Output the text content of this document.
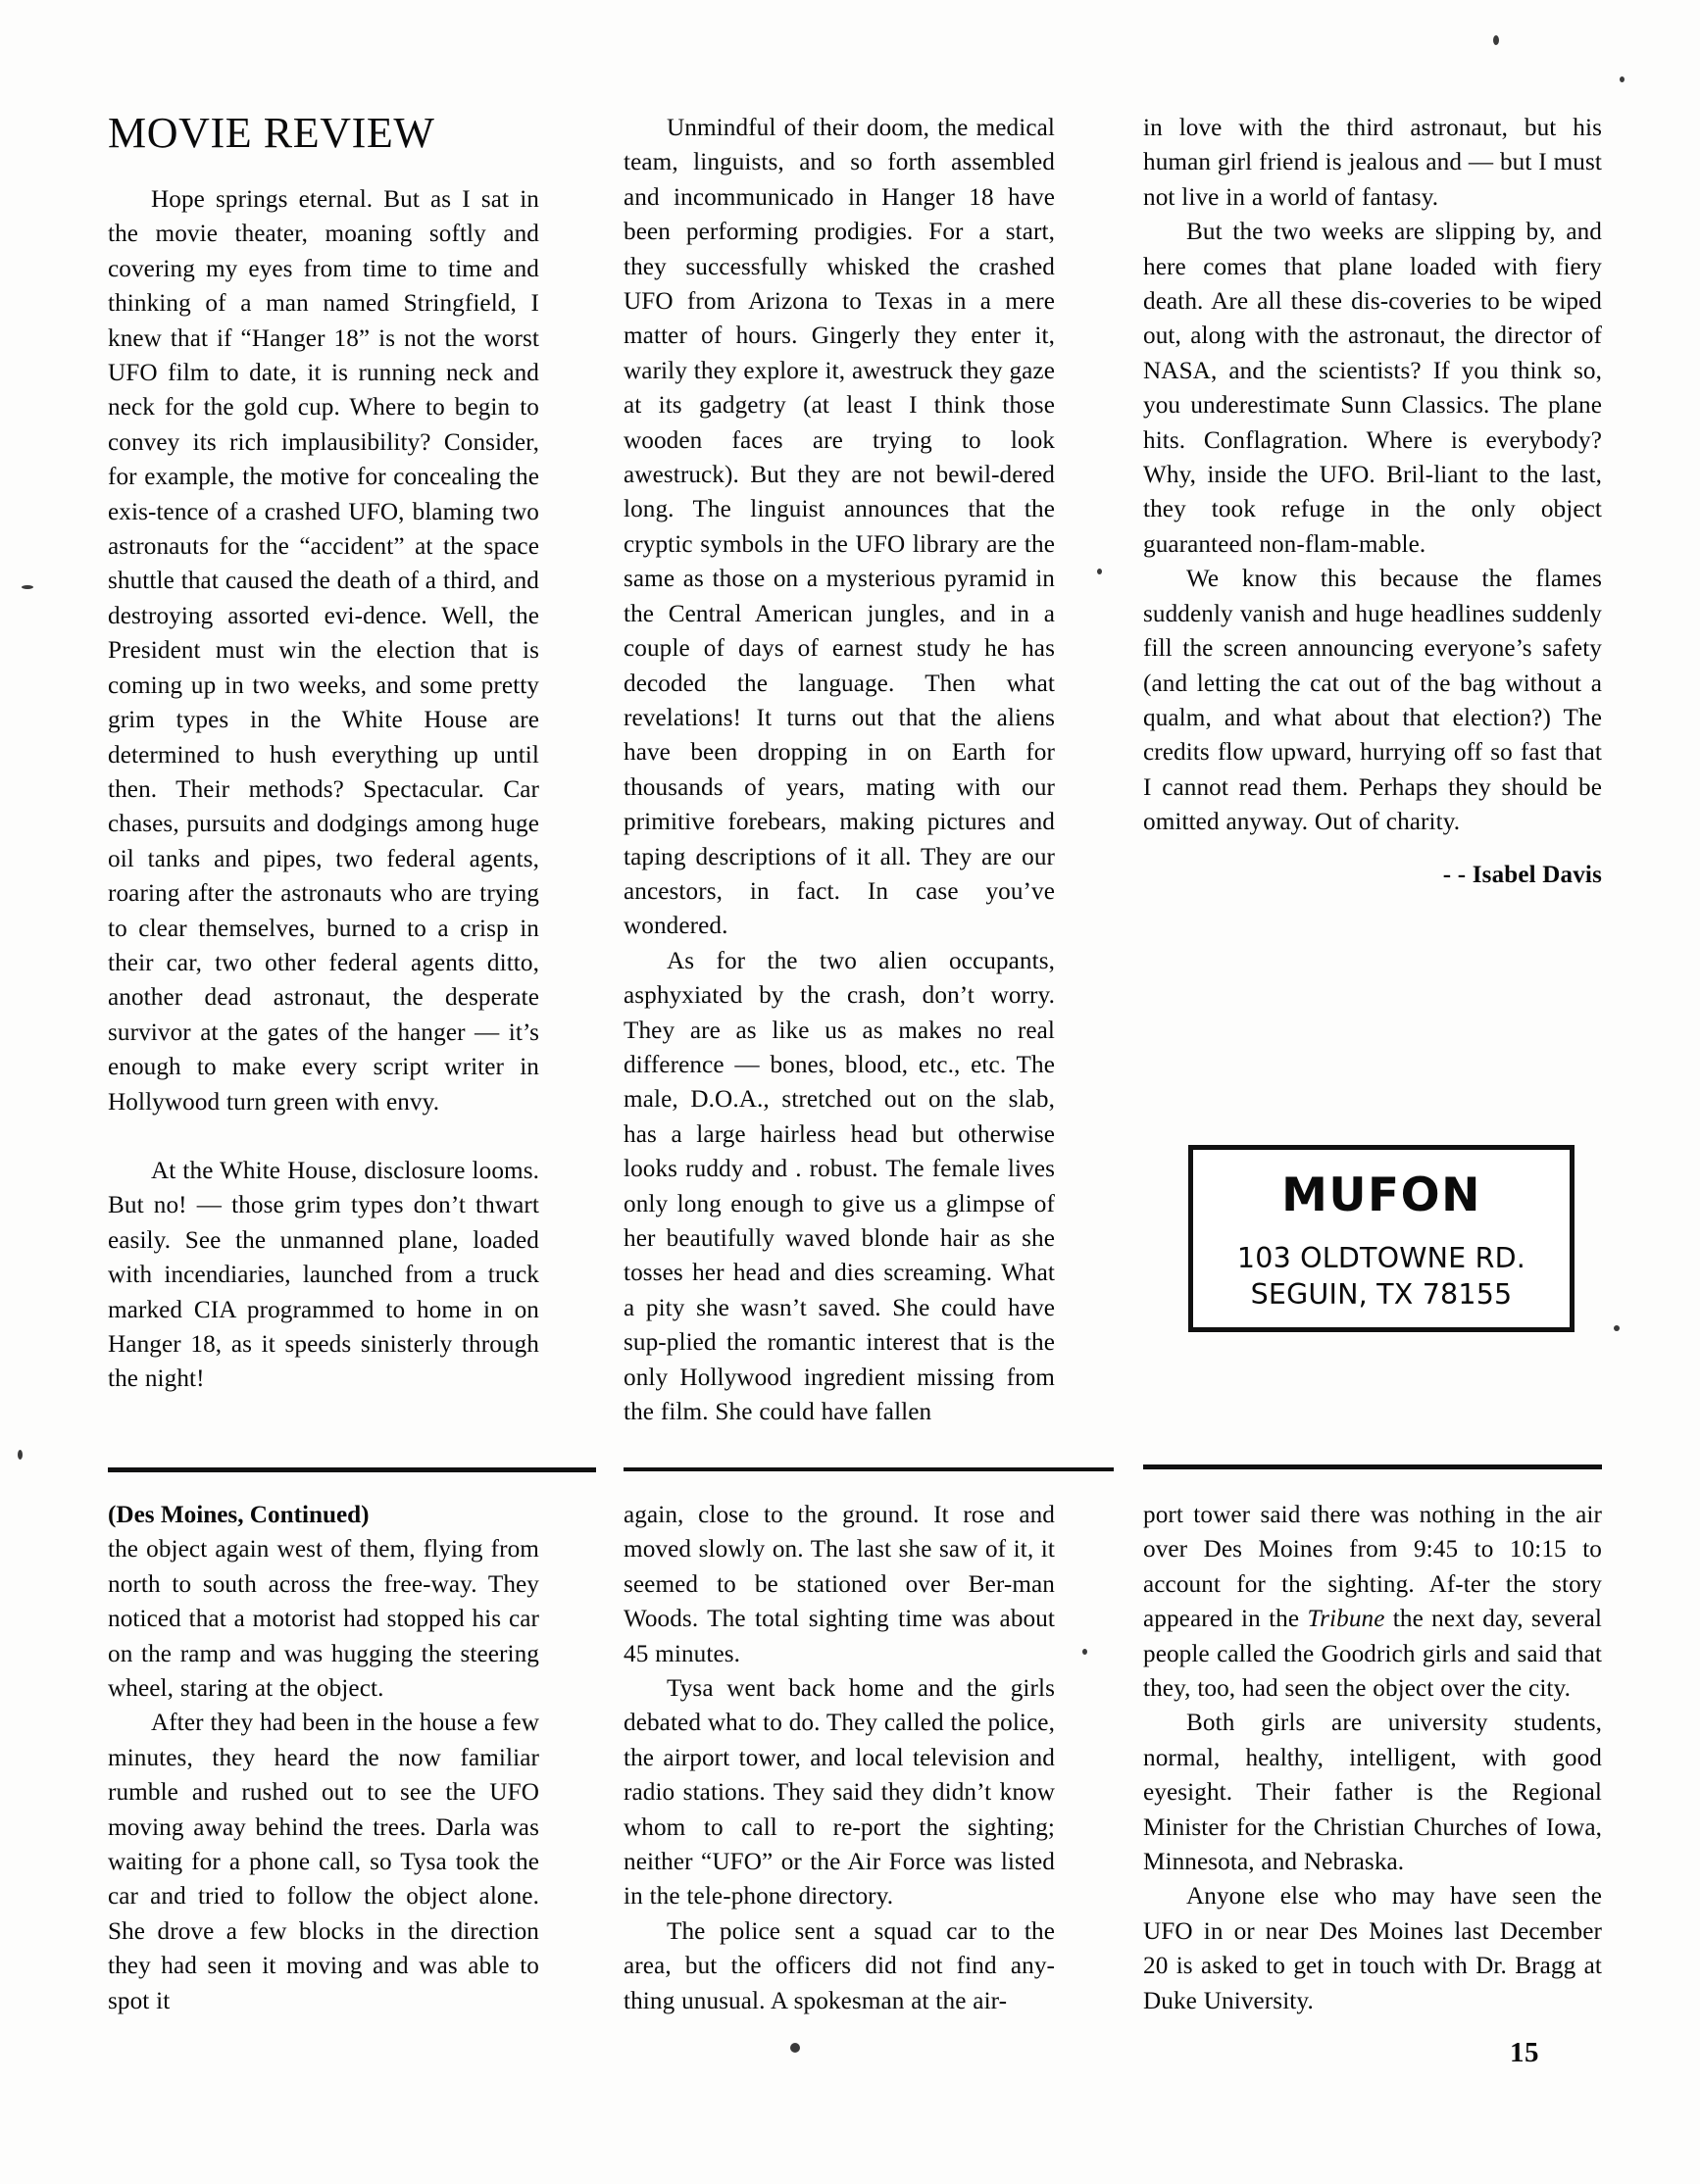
MOVIE REVIEW

Hope springs eternal. But as I sat in the movie theater, moaning softly and covering my eyes from time to time and thinking of a man named Stringfield, I knew that if “Hanger 18” is not the worst UFO film to date, it is running neck and neck for the gold cup. Where to begin to convey its rich implausibility? Consider, for example, the motive for concealing the exis-tence of a crashed UFO, blaming two astronauts for the “accident” at the space shuttle that caused the death of a third, and destroying assorted evi-dence. Well, the President must win the election that is coming up in two weeks, and some pretty grim types in the White House are determined to hush everything up until then. Their methods? Spectacular. Car chases, pursuits and dodgings among huge oil tanks and pipes, two federal agents, roaring after the astronauts who are trying to clear themselves, burned to a crisp in their car, two other federal agents ditto, another dead astronaut, the desperate survivor at the gates of the hanger — it’s enough to make every script writer in Hollywood turn green with envy.

At the White House, disclosure looms. But no! — those grim types don’t thwart easily. See the unmanned plane, loaded with incendiaries, launched from a truck marked CIA programmed to home in on Hanger 18, as it speeds sinisterly through the night!

Unmindful of their doom, the medical team, linguists, and so forth assembled and incommunicado in Hanger 18 have been performing prodigies. For a start, they successfully whisked the crashed UFO from Arizona to Texas in a mere matter of hours. Gingerly they enter it, warily they explore it, awestruck they gaze at its gadgetry (at least I think those wooden faces are trying to look awestruck). But they are not bewil-dered long. The linguist announces that the cryptic symbols in the UFO library are the same as those on a mysterious pyramid in the Central American jungles, and in a couple of days of earnest study he has decoded the language. Then what revelations! It turns out that the aliens have been dropping in on Earth for thousands of years, mating with our primitive forebears, making pictures and taping descriptions of it all. They are our ancestors, in fact. In case you’ve wondered.

As for the two alien occupants, asphyxiated by the crash, don’t worry. They are as like us as makes no real difference — bones, blood, etc., etc. The male, D.O.A., stretched out on the slab, has a large hairless head but otherwise looks ruddy and . robust. The female lives only long enough to give us a glimpse of her beautifully waved blonde hair as she tosses her head and dies screaming. What a pity she wasn’t saved. She could have sup-plied the romantic interest that is the only Hollywood ingredient missing from the film. She could have fallen

in love with the third astronaut, but his human girl friend is jealous and — but I must not live in a world of fantasy.

But the two weeks are slipping by, and here comes that plane loaded with fiery death. Are all these dis-coveries to be wiped out, along with the astronaut, the director of NASA, and the scientists? If you think so, you underestimate Sunn Classics. The plane hits. Conflagration. Where is everybody? Why, inside the UFO. Bril-liant to the last, they took refuge in the only object guaranteed non-flam-mable.

We know this because the flames suddenly vanish and huge headlines suddenly fill the screen announcing everyone’s safety (and letting the cat out of the bag without a qualm, and what about that election?) The credits flow upward, hurrying off so fast that I cannot read them. Perhaps they should be omitted anyway. Out of charity.

- - Isabel Davis

MUFON

103 OLDTOWNE RD.

SEGUIN, TX 78155

(Des Moines, Continued)

the object again west of them, flying from north to south across the free-way. They noticed that a motorist had stopped his car on the ramp and was hugging the steering wheel, staring at the object.

After they had been in the house a few minutes, they heard the now familiar rumble and rushed out to see the UFO moving away behind the trees. Darla was waiting for a phone call, so Tysa took the car and tried to follow the object alone. She drove a few blocks in the direction they had seen it moving and was able to spot it

again, close to the ground. It rose and moved slowly on. The last she saw of it, it seemed to be stationed over Ber-man Woods. The total sighting time was about 45 minutes.

Tysa went back home and the girls debated what to do. They called the police, the airport tower, and local television and radio stations. They said they didn’t know whom to call to re-port the sighting; neither “UFO” or the Air Force was listed in the tele-phone directory.

The police sent a squad car to the area, but the officers did not find any-thing unusual. A spokesman at the air-

port tower said there was nothing in the air over Des Moines from 9:45 to 10:15 to account for the sighting. Af-ter the story appeared in the Tribune the next day, several people called the Goodrich girls and said that they, too, had seen the object over the city.

Both girls are university students, normal, healthy, intelligent, with good eyesight. Their father is the Regional Minister for the Christian Churches of Iowa, Minnesota, and Nebraska.

Anyone else who may have seen the UFO in or near Des Moines last December 20 is asked to get in touch with Dr. Bragg at Duke University.

15
